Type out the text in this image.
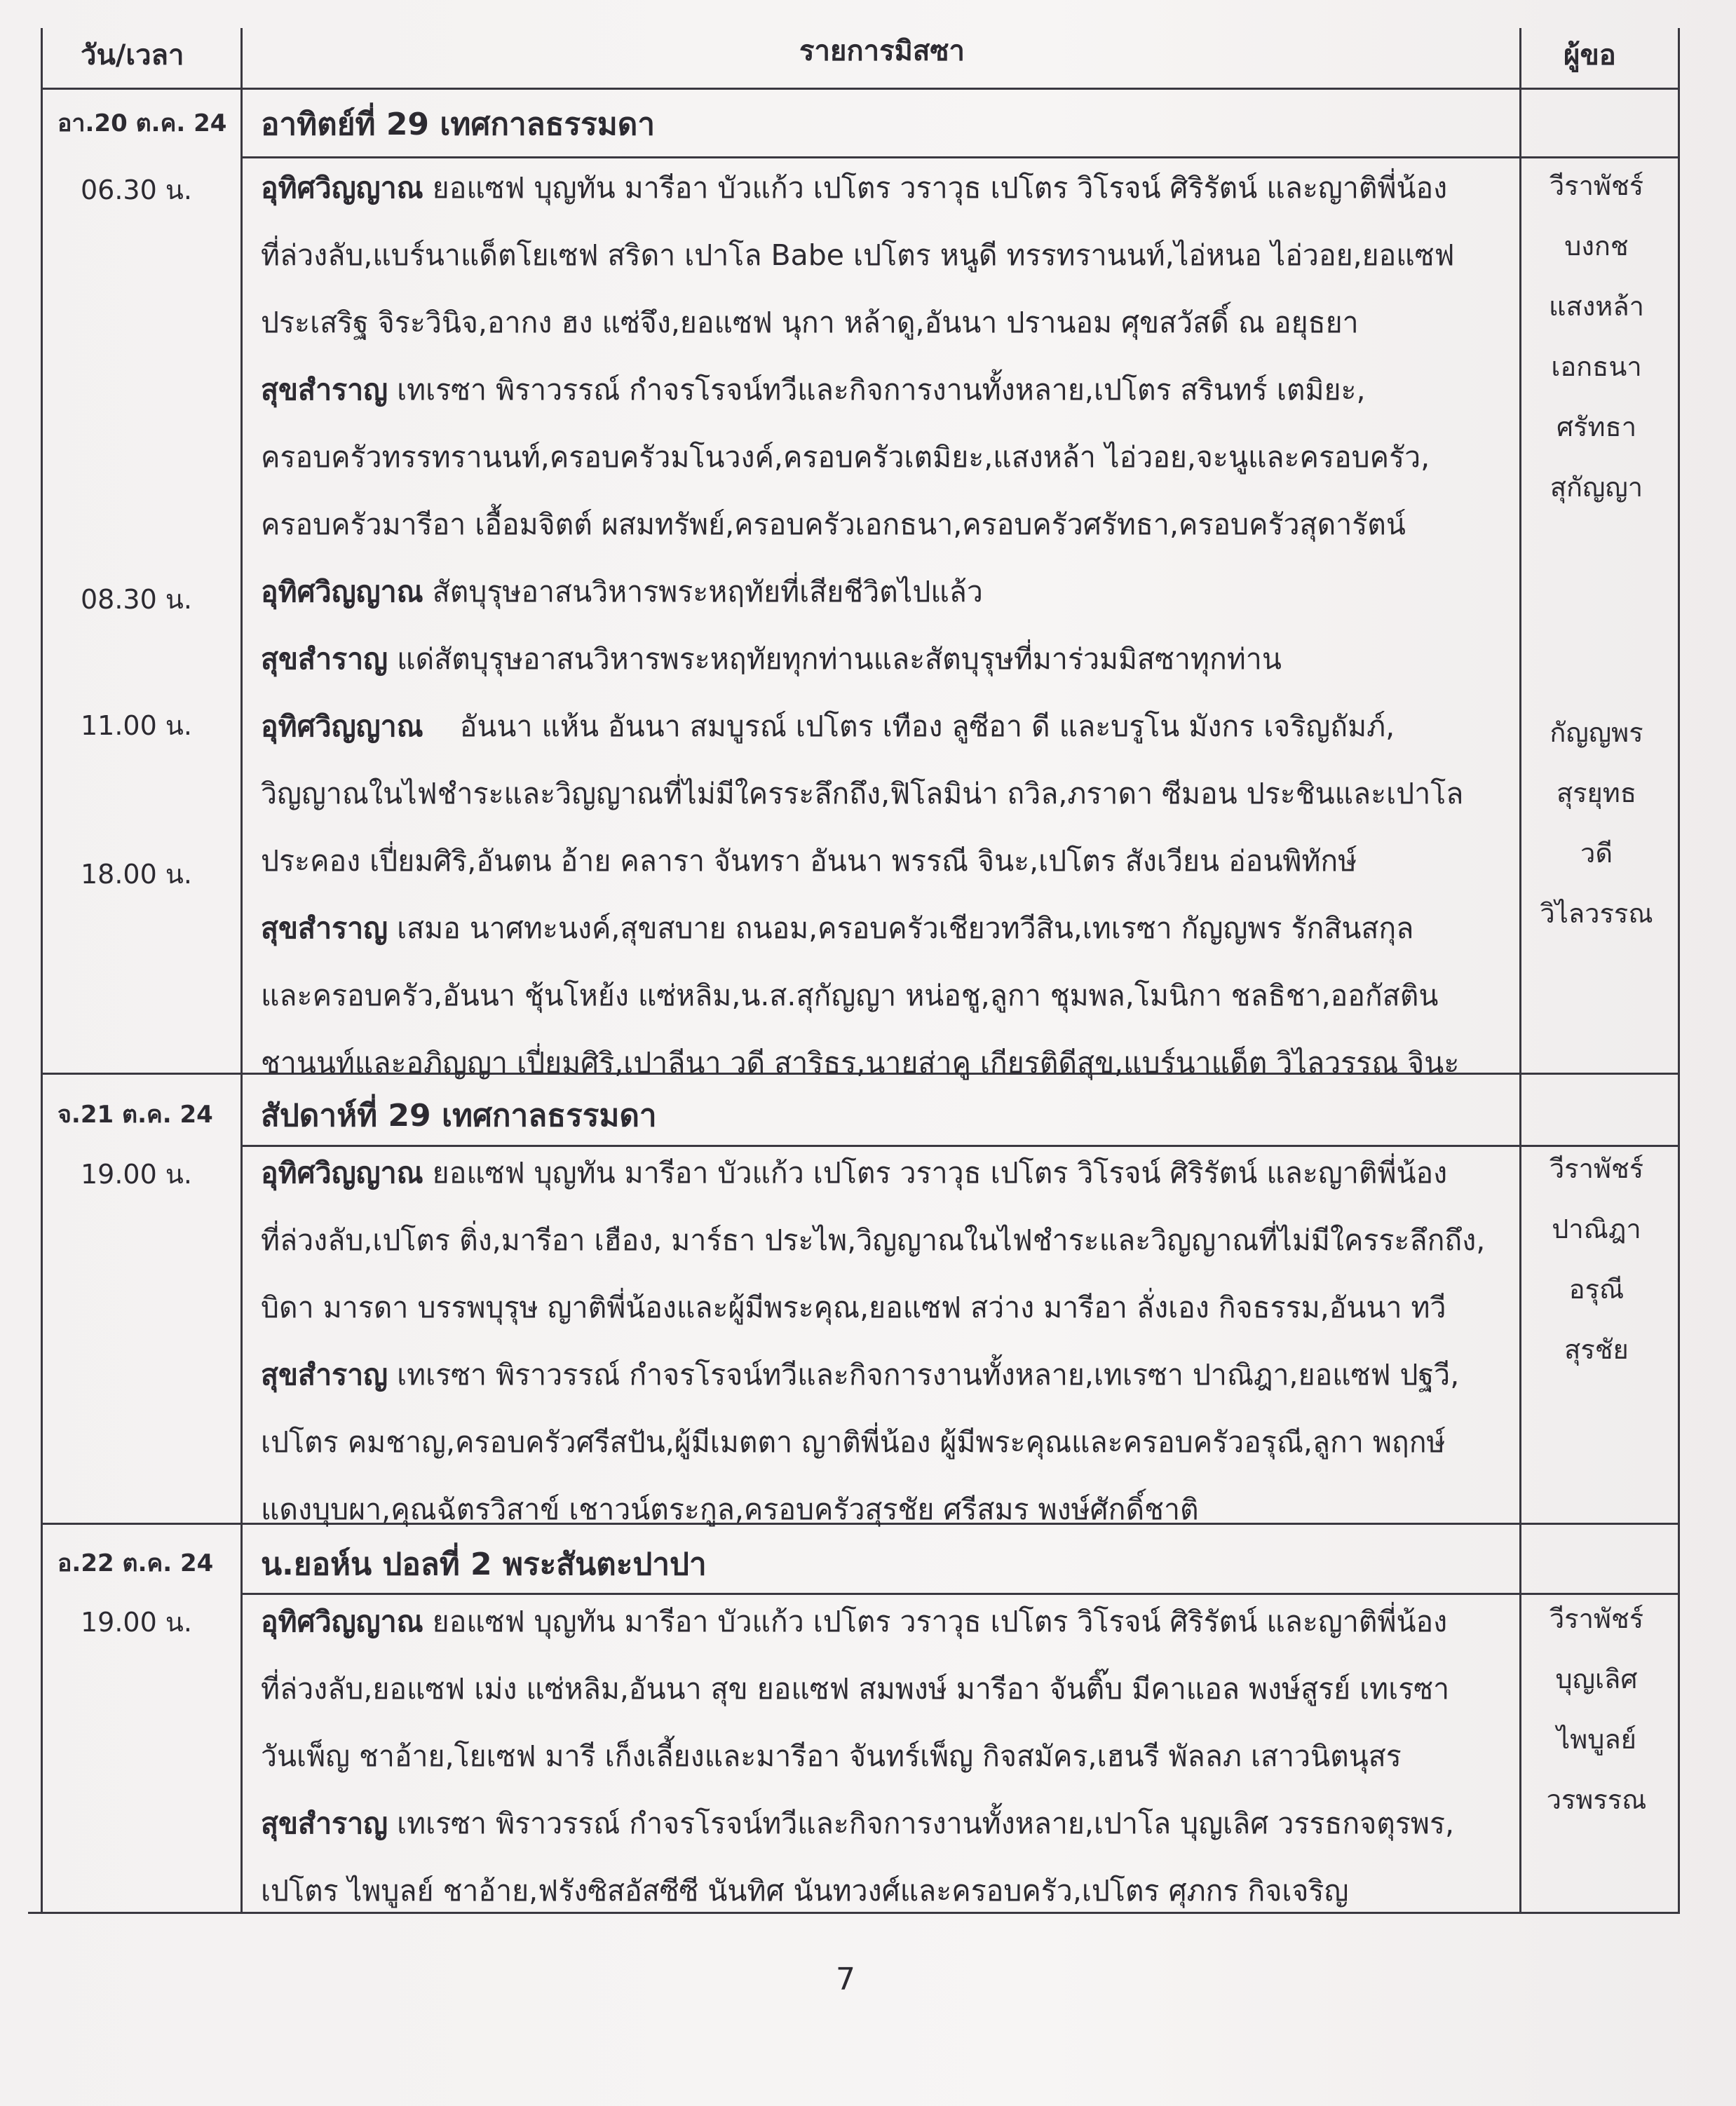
วัน/เวลา	รายการมิสซา	ผู้ขอ
อา.20 ต.ค. 24 อาทิตย์ที่ 29 เทศกาลธรรมดา
06.30 น.
08.30 น.
11.00 น.
18.00 น.
อุทิศวิญญาณ ยอแซฟ บุญทัน มารีอา บัวแก้ว เปโตร วราวุธ เปโตร วิโรจน์ ศิริรัตน์ และญาติพี่น้อง
ที่ล่วงลับ,แบร์นาแด็ตโยเซฟ สริดา เปาโล Babe เปโตร หนูดี ทรรทรานนท์,ไอ่หนอ ไอ่วอย,ยอแซฟ
ประเสริฐ จิระวินิจ,อากง ฮง แซ่จึง,ยอแซฟ นุกา หล้าดู,อันนา ปรานอม ศุขสวัสดิ์ ณ อยุธยา
สุขสำราญ เทเรซา พิราวรรณ์ กำจรโรจน์ทวีและกิจการงานทั้งหลาย,เปโตร สรินทร์ เตมิยะ,
ครอบครัวทรรทรานนท์,ครอบครัวมโนวงค์,ครอบครัวเตมิยะ,แสงหล้า ไอ่วอย,จะนูและครอบครัว,
ครอบครัวมารีอา เอื้อมจิตต์ ผสมทรัพย์,ครอบครัวเอกธนา,ครอบครัวศรัทธา,ครอบครัวสุดารัตน์
อุทิศวิญญาณ สัตบุรุษอาสนวิหารพระหฤทัยที่เสียชีวิตไปแล้ว
สุขสำราญ แด่สัตบุรุษอาสนวิหารพระหฤทัยทุกท่านและสัตบุรุษที่มาร่วมมิสซาทุกท่าน
อุทิศวิญญาณ    อันนา แห้น อันนา สมบูรณ์ เปโตร เทือง ลูซีอา ดี และบรูโน มังกร เจริญถัมภ์,
วิญญาณในไฟชำระและวิญญาณที่ไม่มีใครระลึกถึง,ฟิโลมิน่า ถวิล,ภราดา ซีมอน ประชินและเปาโล
ประคอง เปี่ยมศิริ,อันตน อ้าย คลารา จันทรา อันนา พรรณี จินะ,เปโตร สังเวียน อ่อนพิทักษ์
สุขสำราญ เสมอ นาศทะนงค์,สุขสบาย ถนอม,ครอบครัวเชียวทวีสิน,เทเรซา กัญญพร รักสินสกุล
และครอบครัว,อันนา ชุ้นโหย้ง แซ่หลิม,น.ส.สุกัญญา หน่อชู,ลูกา ชุมพล,โมนิกา ชลธิชา,ออกัสติน
ชานนท์และอภิญญา เปี่ยมศิริ,เปาลีนา วดี สาริธร,นายส่าคู เกียรติดีสุข,แบร์นาแด็ต วิไลวรรณ จินะ
วีราพัชร์
บงกช
แสงหล้า
เอกธนา
ศรัทธา
สุกัญญา
กัญญพร
สุรยุทธ
วดี
วิไลวรรณ
จ.21 ต.ค. 24 สัปดาห์ที่ 29 เทศกาลธรรมดา
19.00 น. อุทิศวิญญาณ ยอแซฟ บุญทัน มารีอา บัวแก้ว เปโตร วราวุธ เปโตร วิโรจน์ ศิริรัตน์ และญาติพี่น้อง
ที่ล่วงลับ,เปโตร ติ่ง,มารีอา เฮือง, มาร์ธา ประไพ,วิญญาณในไฟชำระและวิญญาณที่ไม่มีใครระลึกถึง,
บิดา มารดา บรรพบุรุษ ญาติพี่น้องและผู้มีพระคุณ,ยอแซฟ สว่าง มารีอา ลั่งเอง กิจธรรม,อันนา ทวี
สุขสำราญ เทเรซา พิราวรรณ์ กำจรโรจน์ทวีและกิจการงานทั้งหลาย,เทเรซา ปาณิฎา,ยอแซฟ ปฐวี,
เปโตร คมชาญ,ครอบครัวศรีสปัน,ผู้มีเมตตา ญาติพี่น้อง ผู้มีพระคุณและครอบครัวอรุณี,ลูกา พฤกษ์
แดงบุบผา,คุณฉัตรวิสาข์ เชาวน์ตระกูล,ครอบครัวสุรชัย ศรีสมร พงษ์ศักดิ์ชาติ
วีราพัชร์
ปาณิฎา
อรุณี
สุรชัย
อ.22 ต.ค. 24 น.ยอห์น ปอลที่ 2 พระสันตะปาปา
19.00 น. อุทิศวิญญาณ ยอแซฟ บุญทัน มารีอา บัวแก้ว เปโตร วราวุธ เปโตร วิโรจน์ ศิริรัตน์ และญาติพี่น้อง
ที่ล่วงลับ,ยอแซฟ เม่ง แซ่หลิม,อันนา สุข ยอแซฟ สมพงษ์ มารีอา จันติ๊บ มีคาแอล พงษ์สูรย์ เทเรซา
วันเพ็ญ ชาอ้าย,โยเซฟ มารี เก็งเลี้ยงและมารีอา จันทร์เพ็ญ กิจสมัคร,เฮนรี พัลลภ เสาวนิตนุสร
สุขสำราญ เทเรซา พิราวรรณ์ กำจรโรจน์ทวีและกิจการงานทั้งหลาย,เปาโล บุญเลิศ วรรธกจตุรพร,
เปโตร ไพบูลย์ ชาอ้าย,ฟรังซิสอัสซีซี นันทิศ นันทวงศ์และครอบครัว,เปโตร ศุภกร กิจเจริญ
วีราพัชร์
บุญเลิศ
ไพบูลย์
วรพรรณ
7
